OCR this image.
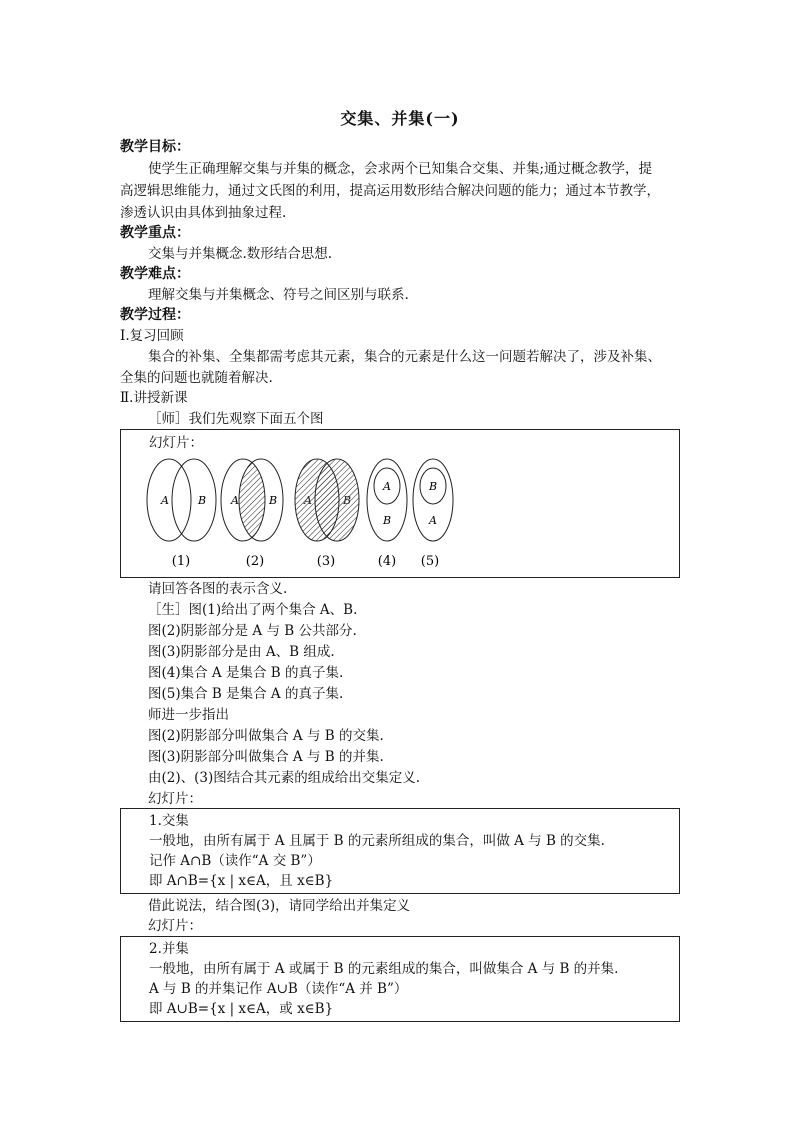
交集、并集(一)
教学目标：
使学生正确理解交集与并集的概念，会求两个已知集合交集、并集;通过概念教学，提
高逻辑思维能力，通过文氏图的利用，提高运用数形结合解决问题的能力；通过本节教学，
渗透认识由具体到抽象过程.
教学重点：
交集与并集概念.数形结合思想.
教学难点：
理解交集与并集概念、符号之间区别与联系.
教学过程：
Ⅰ.复习回顾
集合的补集、全集都需考虑其元素，集合的元素是什么这一问题若解决了，涉及补集、
全集的问题也就随着解决.
Ⅱ.讲授新课
［师］我们先观察下面五个图
幻灯片：
A	B A	B A	B
A
B
B
A
(1)	(2)	(3)	(4) (5)
请回答各图的表示含义.
［生］图(1)给出了两个集合 A、B.
图(2)阴影部分是 A 与 B 公共部分.
图(3)阴影部分是由 A、B 组成.
图(4)集合 A 是集合 B 的真子集.
图(5)集合 B 是集合 A 的真子集.
师进一步指出
图(2)阴影部分叫做集合 A 与 B 的交集.
图(3)阴影部分叫做集合 A 与 B 的并集.
由(2)、(3)图结合其元素的组成给出交集定义.
幻灯片：
1.交集
一般地，由所有属于 A 且属于 B 的元素所组成的集合，叫做 A 与 B 的交集.
记作 A∩B（读作“A 交 B”）
即 A∩B={x | x∈A，且 x∈B}
借此说法，结合图(3)，请同学给出并集定义
幻灯片：
2.并集
一般地，由所有属于 A 或属于 B 的元素组成的集合，叫做集合 A 与 B 的并集.
A 与 B 的并集记作 A∪B（读作“A 并 B”）
即 A∪B={x | x∈A，或 x∈B}
